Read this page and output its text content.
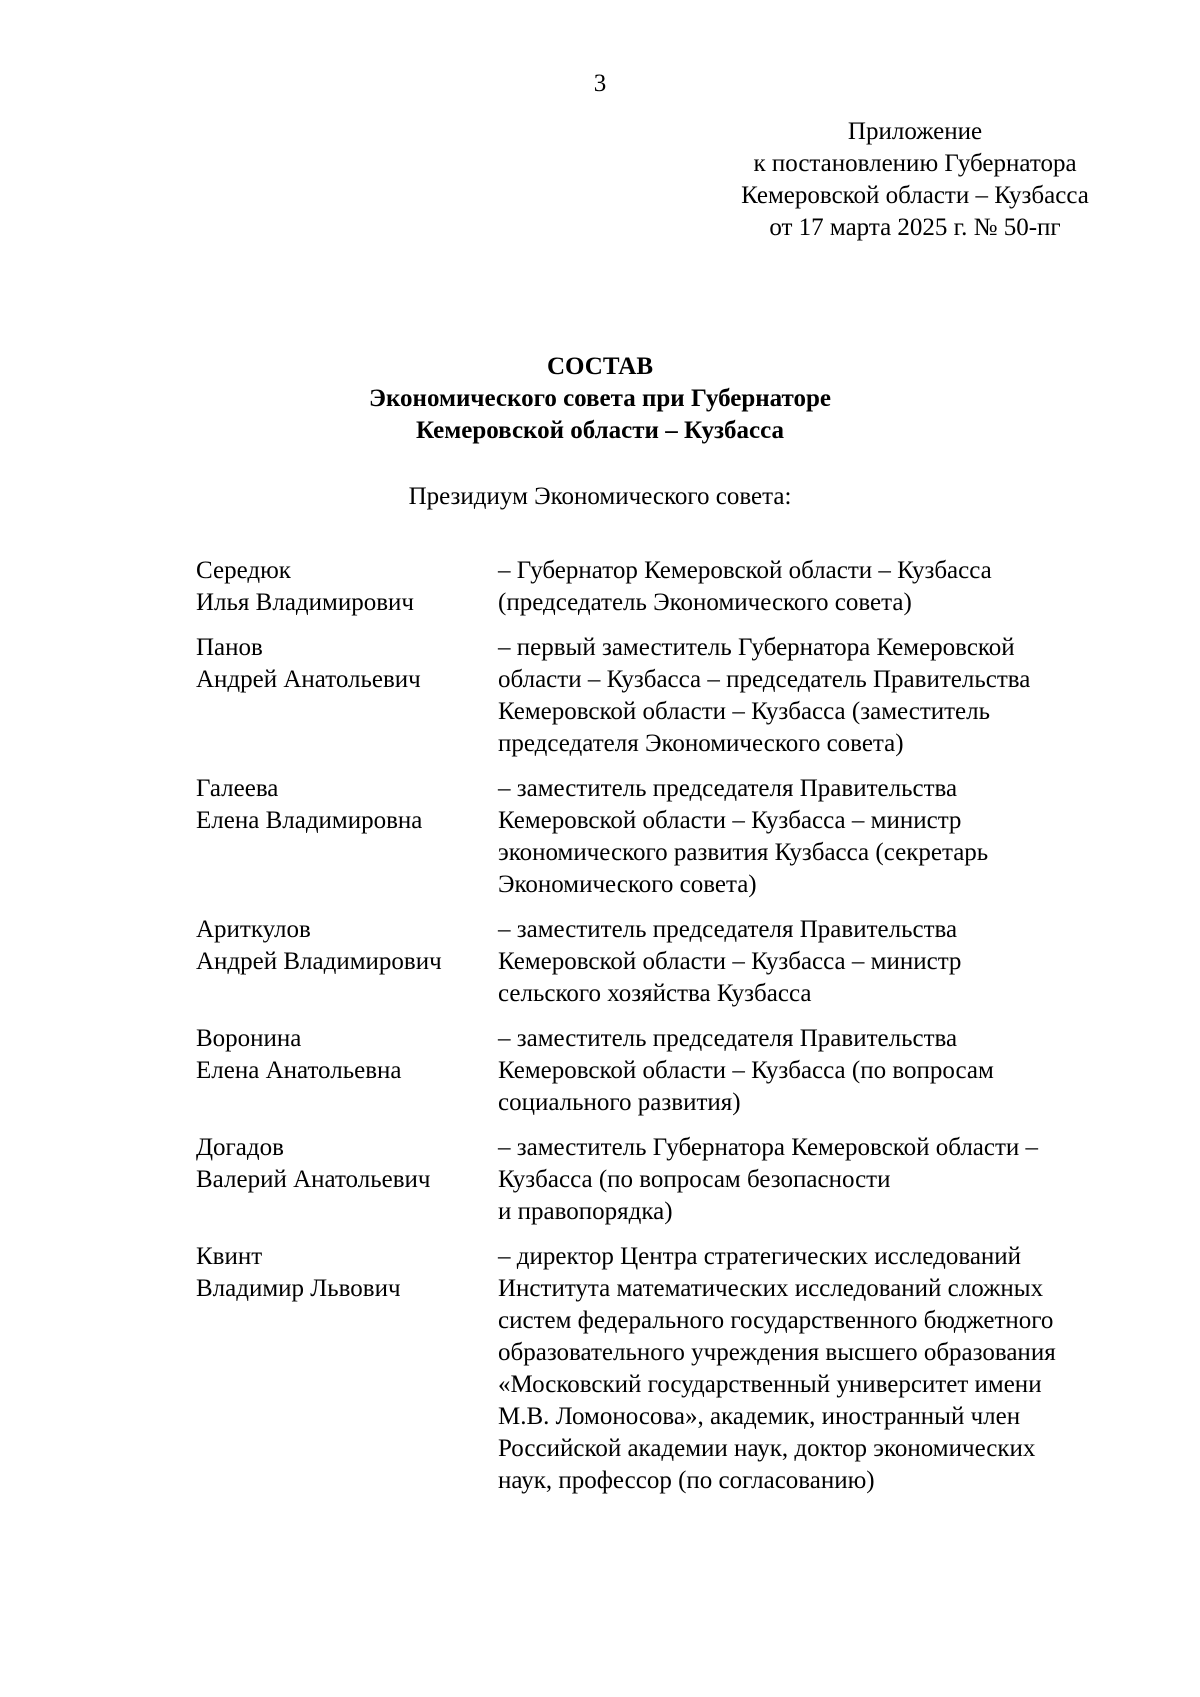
3
Приложение
к постановлению Губернатора
Кемеровской области – Кузбасса
от 17 марта 2025 г. № 50-пг
СОСТАВ
Экономического совета при Губернаторе
Кемеровской области – Кузбасса
Президиум Экономического совета:
Середюк
Илья Владимирович
– Губернатор Кемеровской области – Кузбасса
(председатель Экономического совета)
Панов
Андрей Анатольевич
– первый заместитель Губернатора Кемеровской
области – Кузбасса – председатель Правительства
Кемеровской области – Кузбасса (заместитель
председателя Экономического совета)
Галеева
Елена Владимировна
– заместитель председателя Правительства
Кемеровской области – Кузбасса – министр
экономического развития Кузбасса (секретарь
Экономического совета)
Ариткулов
Андрей Владимирович
– заместитель председателя Правительства
Кемеровской области – Кузбасса – министр
сельского хозяйства Кузбасса
Воронина
Елена Анатольевна
– заместитель председателя Правительства
Кемеровской области – Кузбасса (по вопросам
социального развития)
Догадов
Валерий Анатольевич
– заместитель Губернатора Кемеровской области –
Кузбасса (по вопросам безопасности
и правопорядка)
Квинт
Владимир Львович
– директор Центра стратегических исследований
Института математических исследований сложных
систем федерального государственного бюджетного
образовательного учреждения высшего образования
«Московский государственный университет имени
М.В. Ломоносова», академик, иностранный член
Российской академии наук, доктор экономических
наук, профессор (по согласованию)
